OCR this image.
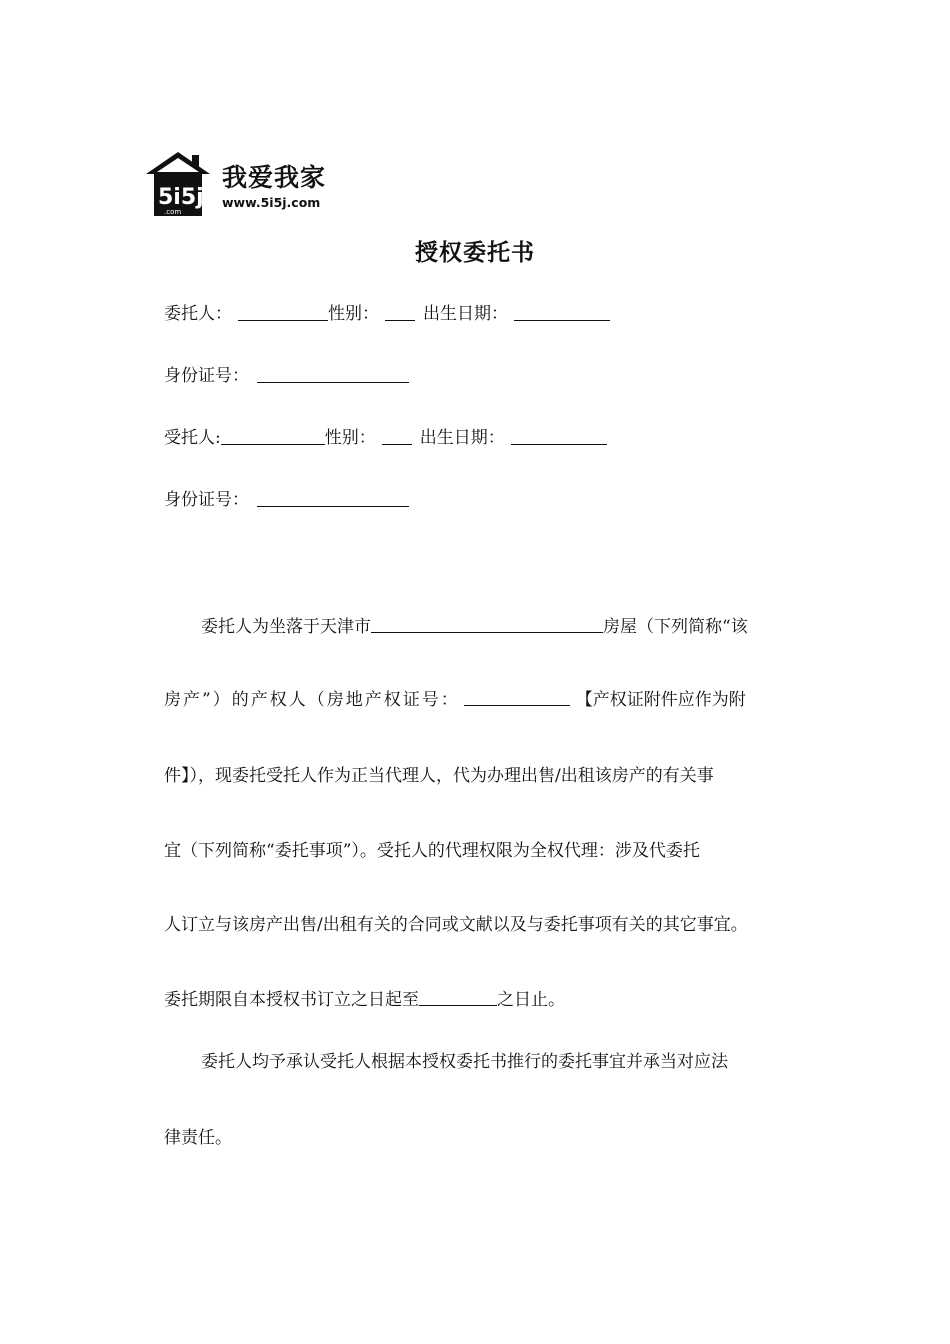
5i5j
.com
我爱我家
www.5i5j.com
授权委托书
委托人：	性别：	出生日期：
身份证号：
受托人:	性别：	出生日期：
身份证号：
委托人为坐落于天津市	房屋（下列简称“该
房产”）的产权人（房地产权证号：	【产权证附件应作为附
件】），现委托受托人作为正当代理人，代为办理出售/出租该房产的有关事
宜（下列简称“委托事项”）。受托人的代理权限为全权代理：涉及代委托
人订立与该房产出售/出租有关的合同或文献以及与委托事项有关的其它事宜。
委托期限自本授权书订立之日起至	之日止。
委托人均予承认受托人根据本授权委托书推行的委托事宜并承当对应法
律责任。
